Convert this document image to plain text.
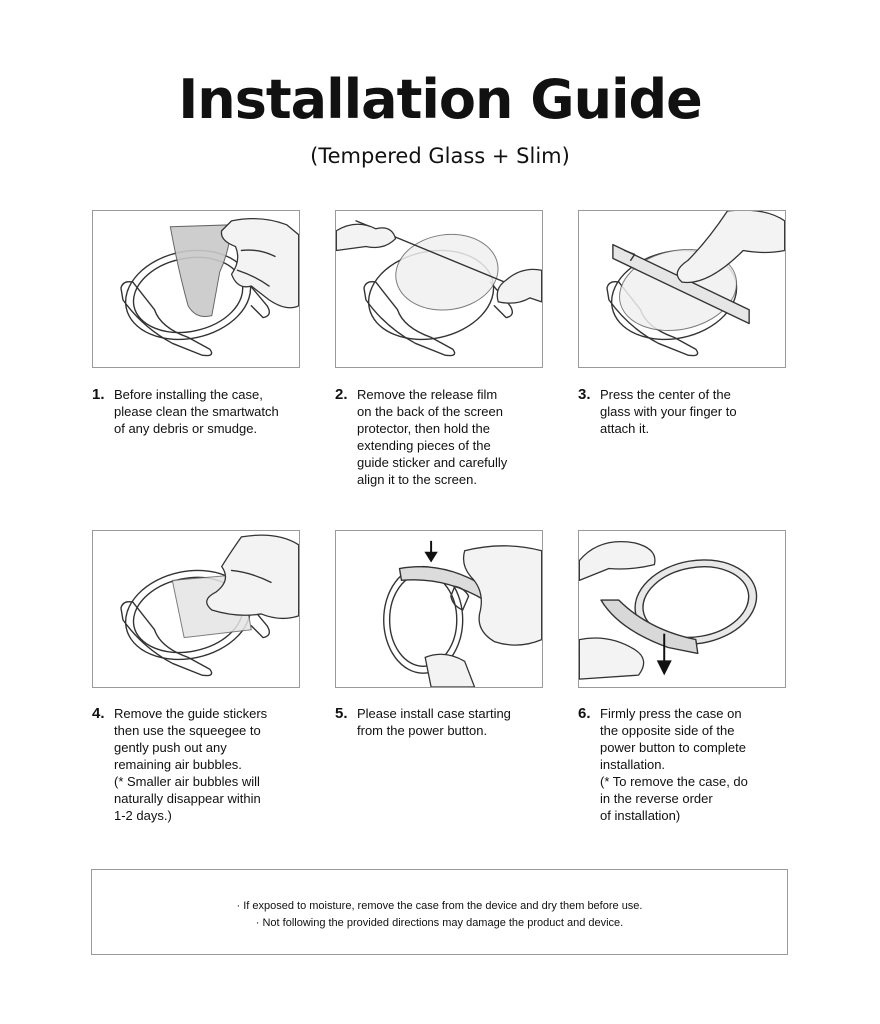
Installation Guide
(Tempered Glass + Slim)
1. Before installing the case,
please clean the smartwatch
of any debris or smudge.
2. Remove the release film
on the back of the screen
protector, then hold the
extending pieces of the
guide sticker and carefully
align it to the screen.
3. Press the center of the
glass with your finger to
attach it.
4. Remove the guide stickers
then use the squeegee to
gently push out any
remaining air bubbles.
(* Smaller air bubbles will
naturally disappear within
1-2 days.)
5. Please install case starting
from the power button.
6. Firmly press the case on
the opposite side of the
power button to complete
installation.
(* To remove the case, do
in the reverse order
of installation)
· If exposed to moisture, remove the case from the device and dry them before use.
· Not following the provided directions may damage the product and device.
